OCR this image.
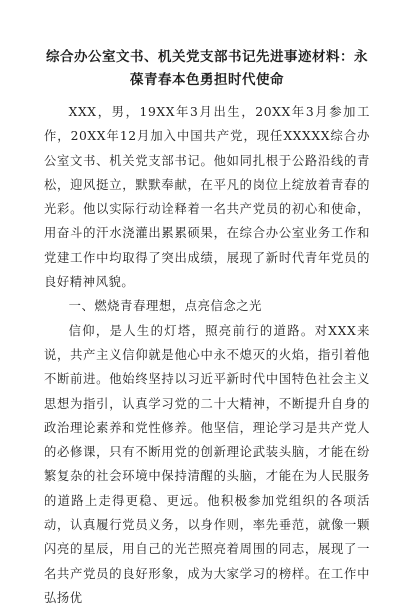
综合办公室文书、机关党支部书记先进事迹材料：永葆青春本色勇担时代使命

XXX，男，19XX年3月出生，20XX年3月参加工作，20XX年12月加入中国共产党，现任XXXXX综合办公室文书、机关党支部书记。他如同扎根于公路沿线的青松，迎风挺立，默默奉献，在平凡的岗位上绽放着青春的光彩。他以实际行动诠释着一名共产党员的初心和使命，用奋斗的汗水浇灌出累累硕果，在综合办公室业务工作和党建工作中均取得了突出成绩，展现了新时代青年党员的良好精神风貌。

一、燃烧青春理想，点亮信念之光

信仰，是人生的灯塔，照亮前行的道路。对XXX来说，共产主义信仰就是他心中永不熄灭的火焰，指引着他不断前进。他始终坚持以习近平新时代中国特色社会主义思想为指引，认真学习党的二十大精神，不断提升自身的政治理论素养和党性修养。他坚信，理论学习是共产党人的必修课，只有不断用党的创新理论武装头脑，才能在纷繁复杂的社会环境中保持清醒的头脑，才能在为人民服务的道路上走得更稳、更远。他积极参加党组织的各项活动，认真履行党员义务，以身作则，率先垂范，就像一颗闪亮的星辰，用自己的光芒照亮着周围的同志，展现了一名共产党员的良好形象，成为大家学习的榜样。在工作中弘扬优
